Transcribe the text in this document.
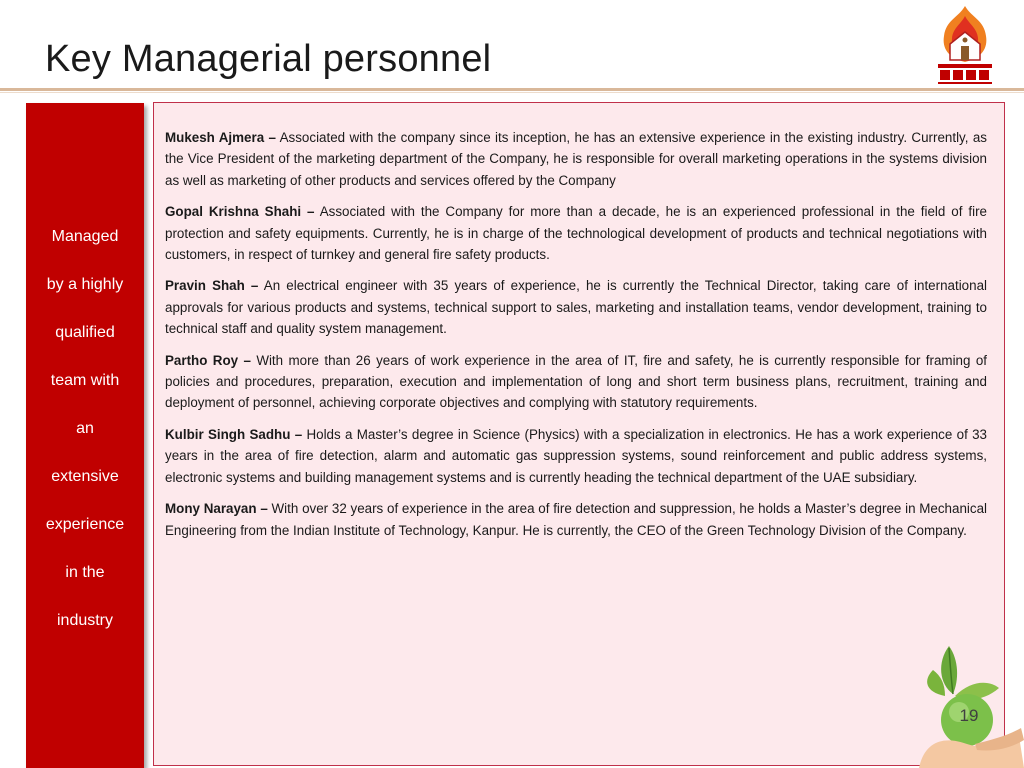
Key Managerial personnel
Managed
by a highly
qualified
team with
an
extensive
experience
in the
industry

Mukesh Ajmera – Associated with the company since its inception, he has an extensive experience in the existing industry. Currently, as the Vice President of the marketing department of the Company, he is responsible for overall marketing operations in the systems division as well as marketing of other products and services offered by the Company

Gopal Krishna Shahi – Associated with the Company for more than a decade, he is an experienced professional in the field of fire protection and safety equipments. Currently, he is in charge of the technological development of products and technical negotiations with customers, in respect of turnkey and general fire safety products.

Pravin Shah – An electrical engineer with 35 years of experience, he is currently the Technical Director, taking care of international approvals for various products and systems, technical support to sales, marketing and installation teams, vendor development, training to technical staff and quality system management.

Partho Roy – With more than 26 years of work experience in the area of IT, fire and safety, he is currently responsible for framing of policies and procedures, preparation, execution and implementation of long and short term business plans, recruitment, training and deployment of personnel, achieving corporate objectives and complying with statutory requirements.

Kulbir Singh Sadhu – Holds a Master’s degree in Science (Physics) with a specialization in electronics. He has a work experience of 33 years in the area of fire detection, alarm and automatic gas suppression systems, sound reinforcement and public address systems, electronic systems and building management systems and is currently heading the technical department of the UAE subsidiary.

Mony Narayan – With over 32 years of experience in the area of fire detection and suppression, he holds a Master’s degree in Mechanical Engineering from the Indian Institute of Technology, Kanpur. He is currently, the CEO of the Green Technology Division of the Company.

19
